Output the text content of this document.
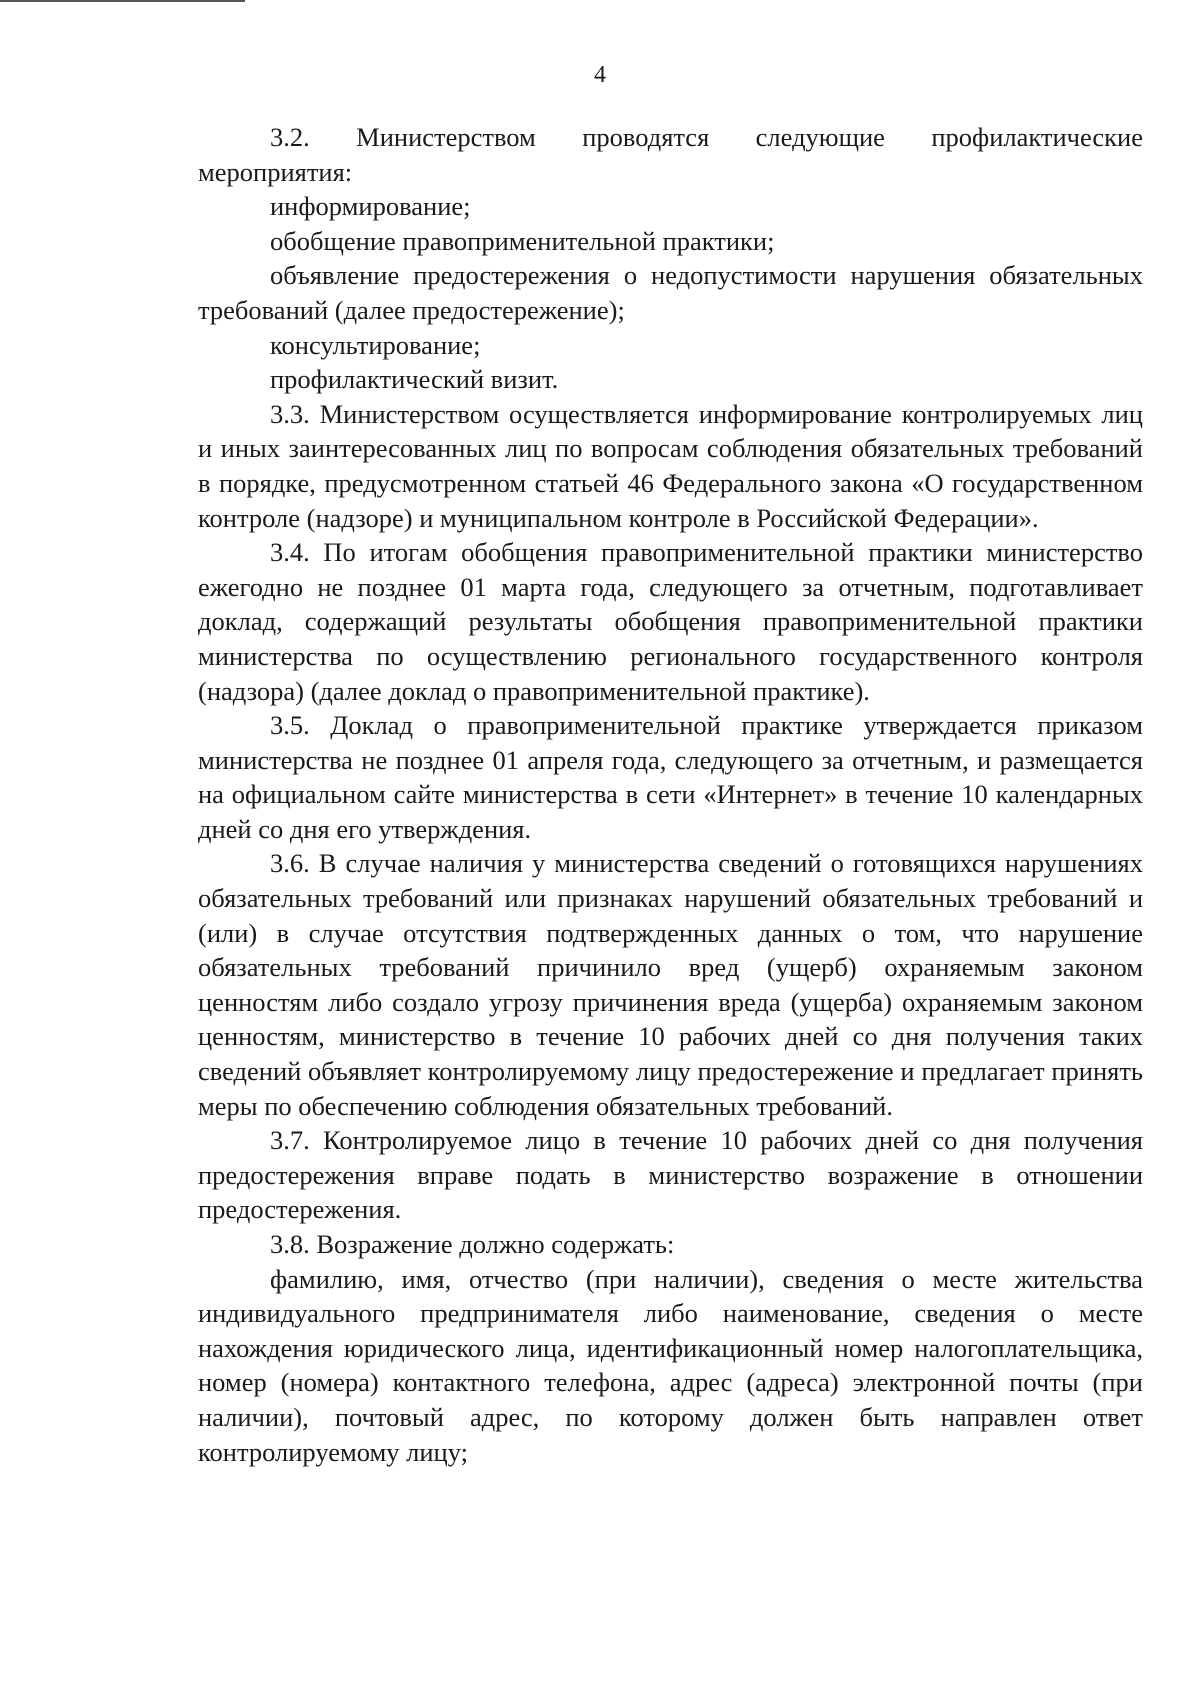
4

3.2. Министерством проводятся следующие профилактические мероприятия:

информирование;

обобщение правоприменительной практики;

объявление предостережения о недопустимости нарушения обязательных требований (далее предостережение);

консультирование;

профилактический визит.

3.3. Министерством осуществляется информирование контролируемых лиц и иных заинтересованных лиц по вопросам соблюдения обязательных требований в порядке, предусмотренном статьей 46 Федерального закона «О государственном контроле (надзоре) и муниципальном контроле в Российской Федерации».

3.4. По итогам обобщения правоприменительной практики министерство ежегодно не позднее 01 марта года, следующего за отчетным, подготавливает доклад, содержащий результаты обобщения правоприменительной практики министерства по осуществлению регионального государственного контроля (надзора) (далее доклад о правоприменительной практике).

3.5. Доклад о правоприменительной практике утверждается приказом министерства не позднее 01 апреля года, следующего за отчетным, и размещается на официальном сайте министерства в сети «Интернет» в течение 10 календарных дней со дня его утверждения.

3.6. В случае наличия у министерства сведений о готовящихся нарушениях обязательных требований или признаках нарушений обязательных требований и (или) в случае отсутствия подтвержденных данных о том, что нарушение обязательных требований причинило вред (ущерб) охраняемым законом ценностям либо создало угрозу причинения вреда (ущерба) охраняемым законом ценностям, министерство в течение 10 рабочих дней со дня получения таких сведений объявляет контролируемому лицу предостережение и предлагает принять меры по обеспечению соблюдения обязательных требований.

3.7. Контролируемое лицо в течение 10 рабочих дней со дня получения предостережения вправе подать в министерство возражение в отношении предостережения.

3.8. Возражение должно содержать:

фамилию, имя, отчество (при наличии), сведения о месте жительства индивидуального предпринимателя либо наименование, сведения о месте нахождения юридического лица, идентификационный номер налогоплательщика, номер (номера) контактного телефона, адрес (адреса) электронной почты (при наличии), почтовый адрес, по которому должен быть направлен ответ контролируемому лицу;
